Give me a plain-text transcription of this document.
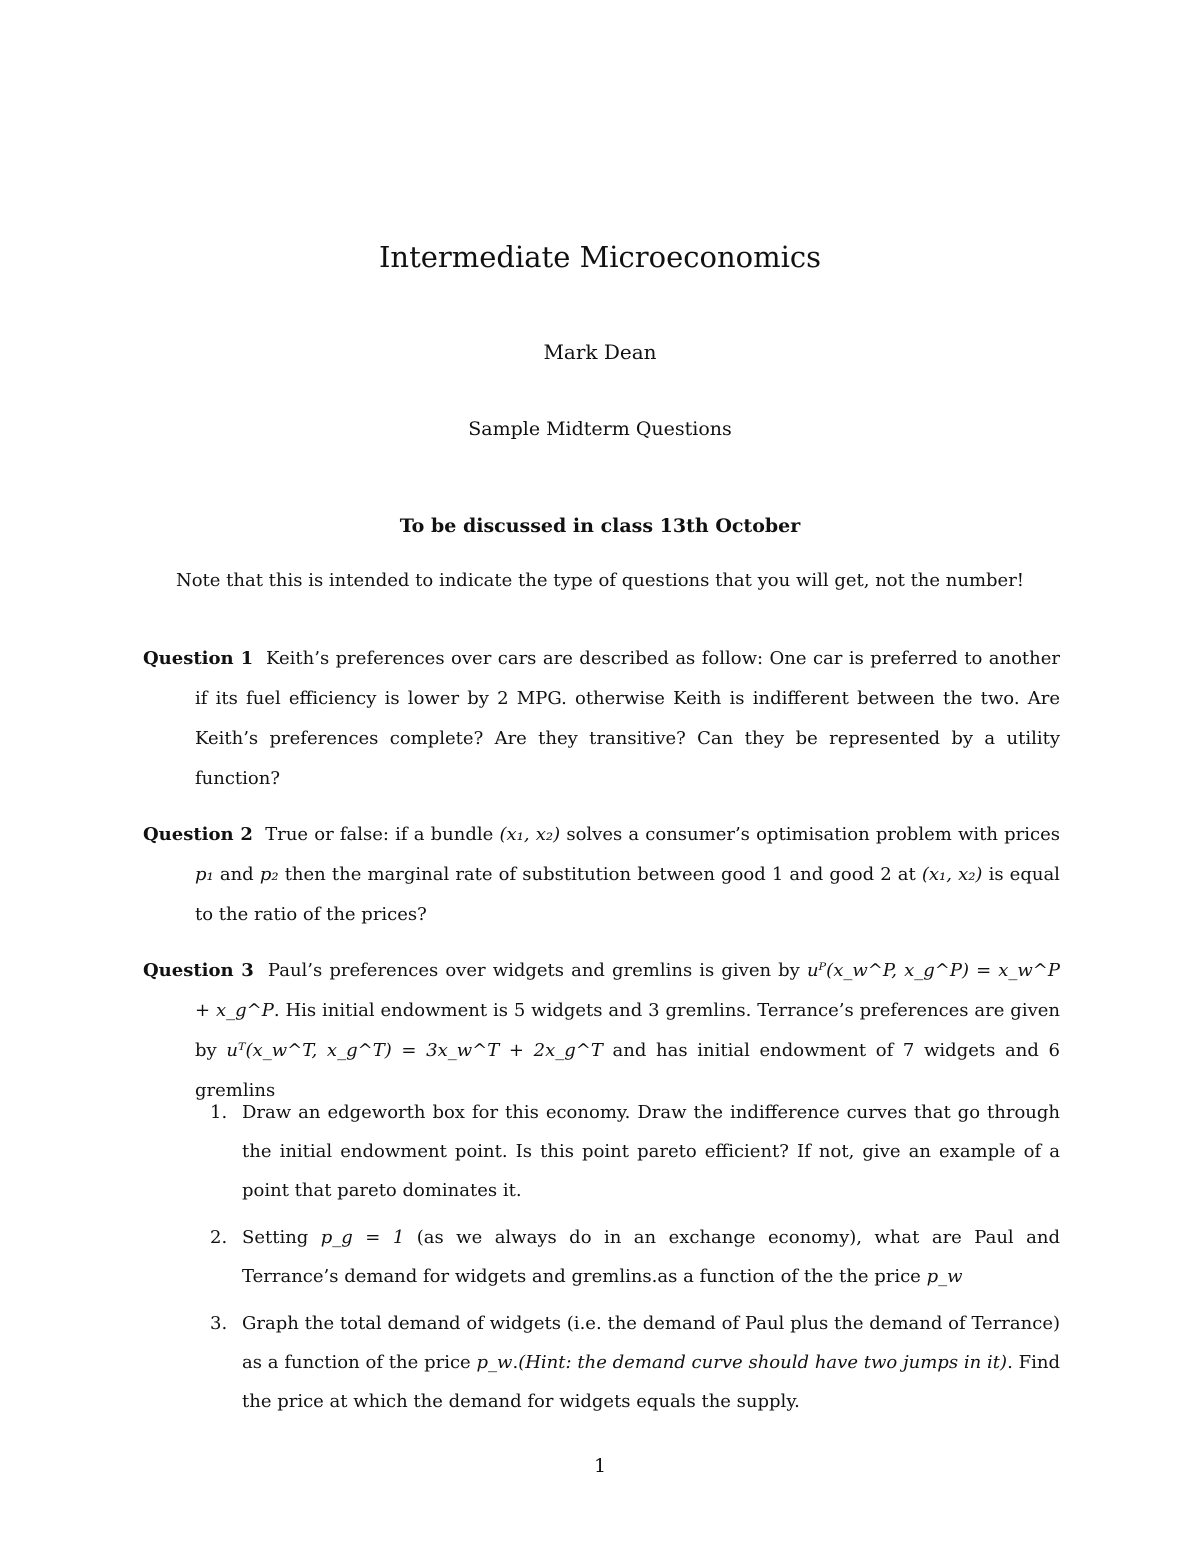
Intermediate Microeconomics
Mark Dean
Sample Midterm Questions
To be discussed in class 13th October
Note that this is intended to indicate the type of questions that you will get, not the number!
Question 1 Keith’s preferences over cars are described as follow: One car is preferred to another if its fuel efficiency is lower by 2 MPG. otherwise Keith is indifferent between the two. Are Keith’s preferences complete? Are they transitive? Can they be represented by a utility function?
Question 2 True or false: if a bundle (x₁, x₂) solves a consumer’s optimisation problem with prices p₁ and p₂ then the marginal rate of substitution between good 1 and good 2 at (x₁, x₂) is equal to the ratio of the prices?
Question 3 Paul’s preferences over widgets and gremlins is given by uᴾ(x_w^P, x_g^P) = x_w^P + x_g^P. His initial endowment is 5 widgets and 3 gremlins. Terrance’s preferences are given by uᵀ(x_w^T, x_g^T) = 3x_w^T + 2x_g^T and has initial endowment of 7 widgets and 6 gremlins
1. Draw an edgeworth box for this economy. Draw the indifference curves that go through the initial endowment point. Is this point pareto efficient? If not, give an example of a point that pareto dominates it.
2. Setting p_g = 1 (as we always do in an exchange economy), what are Paul and Terrance’s demand for widgets and gremlins.as a function of the the price p_w
3. Graph the total demand of widgets (i.e. the demand of Paul plus the demand of Terrance) as a function of the price p_w.(Hint: the demand curve should have two jumps in it). Find the price at which the demand for widgets equals the supply.
1
